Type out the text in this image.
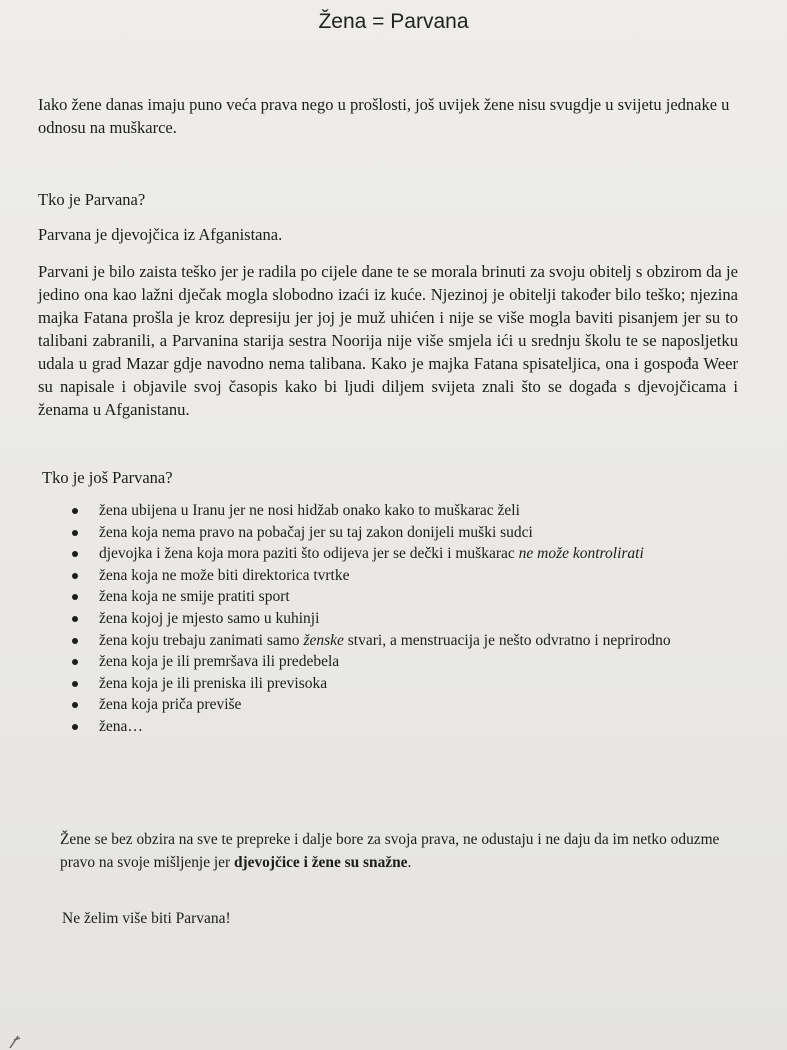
Žena = Parvana
Iako žene danas imaju puno veća prava nego u prošlosti, još uvijek žene nisu svugdje u svijetu jednake u odnosu na muškarce.
Tko je Parvana?
Parvana je djevojčica iz Afganistana.
Parvani je bilo zaista teško jer je radila po cijele dane te se morala brinuti za svoju obitelj s obzirom da je jedino ona kao lažni dječak mogla slobodno izaći iz kuće. Njezinoj je obitelji također bilo teško; njezina majka Fatana prošla je kroz depresiju jer joj je muž uhićen i nije se više mogla baviti pisanjem jer su to talibani zabranili, a Parvanina starija sestra Noorija nije više smjela ići u srednju školu te se naposljetku udala u grad Mazar gdje navodno nema talibana. Kako je majka Fatana spisateljica, ona i gospođa Weer su napisale i objavile svoj časopis kako bi ljudi diljem svijeta znali što se događa s djevojčicama i ženama u Afganistanu.
Tko je još Parvana?
žena ubijena u Iranu jer ne nosi hidžab onako kako to muškarac želi
žena koja nema pravo na pobačaj jer su taj zakon donijeli muški sudci
djevojka i žena koja mora paziti što odijeva jer se dečki i muškarac ne može kontrolirati
žena koja ne može biti direktorica tvrtke
žena koja ne smije pratiti sport
žena kojoj je mjesto samo u kuhinji
žena koju trebaju zanimati samo ženske stvari, a menstruacija je nešto odvratno i neprirodno
žena koja je ili premršava ili predebela
žena koja je ili preniska ili previsoka
žena koja priča previše
žena…
Žene se bez obzira na sve te prepreke i dalje bore za svoja prava, ne odustaju i ne daju da im netko oduzme pravo na svoje mišljenje jer djevojčice i žene su snažne.
Ne želim više biti Parvana!
